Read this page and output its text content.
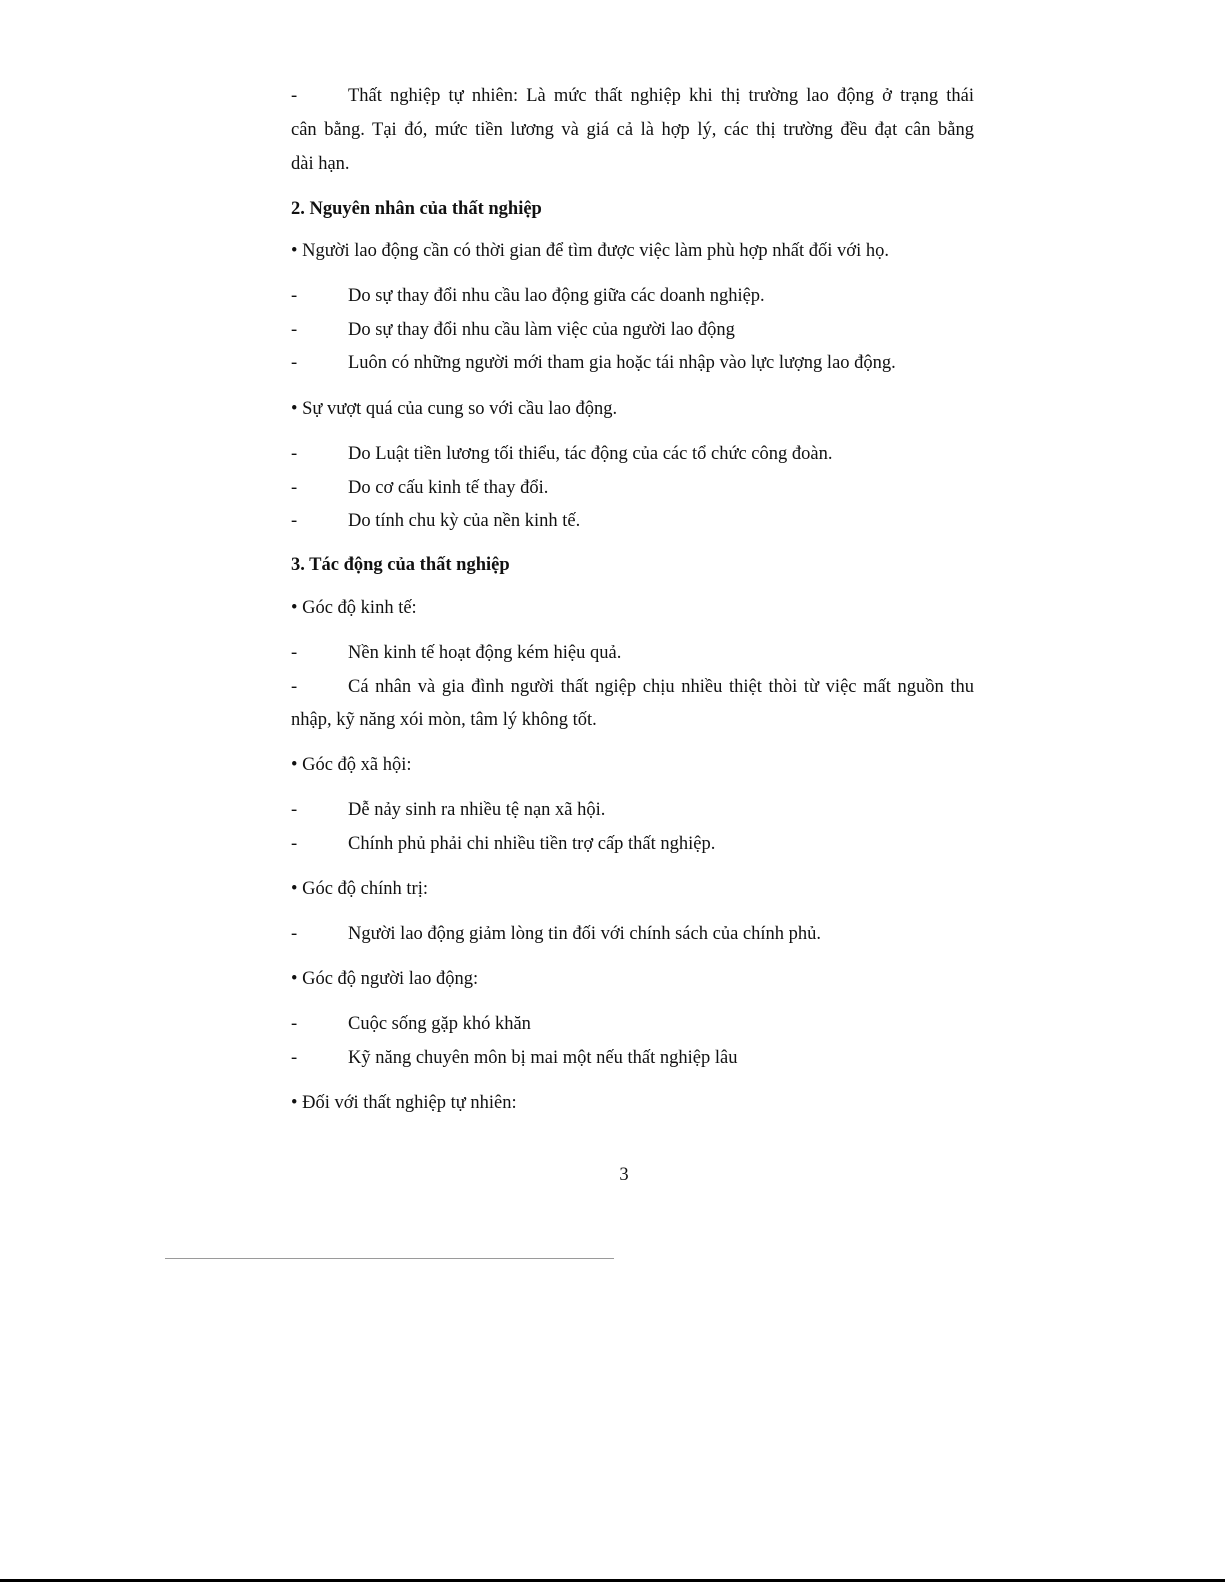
-	Thất nghiệp tự nhiên: Là mức thất nghiệp khi thị trường lao động ở trạng thái
cân bằng. Tại đó, mức tiền lương và giá cả là hợp lý, các thị trường đều đạt cân bằng
dài hạn.
2. Nguyên nhân của thất nghiệp
• Người lao động cần có thời gian để tìm được việc làm phù hợp nhất đối với họ.
-	Do sự thay đổi nhu cầu lao động giữa các doanh nghiệp.
-	Do sự thay đổi nhu cầu làm việc của người lao động
-	Luôn có những người mới tham gia hoặc tái nhập vào lực lượng lao động.
• Sự vượt quá của cung so với cầu lao động.
-	Do Luật tiền lương tối thiểu, tác động của các tổ chức công đoàn.
-	Do cơ cấu kinh tế thay đổi.
-	Do tính chu kỳ của nền kinh tế.
3. Tác động của thất nghiệp
• Góc độ kinh tế:
-	Nền kinh tế hoạt động kém hiệu quả.
-	Cá nhân và gia đình người thất ngiệp chịu nhiều thiệt thòi từ việc mất nguồn thu
nhập, kỹ năng xói mòn, tâm lý không tốt.
• Góc độ xã hội:
-	Dễ nảy sinh ra nhiều tệ nạn xã hội.
-	Chính phủ phải chi nhiều tiền trợ cấp thất nghiệp.
• Góc độ chính trị:
-	Người lao động giảm lòng tin đối với chính sách của chính phủ.
• Góc độ người lao động:
-	Cuộc sống gặp khó khăn
-	Kỹ năng chuyên môn bị mai một nếu thất nghiệp lâu
• Đối với thất nghiệp tự nhiên:
3
